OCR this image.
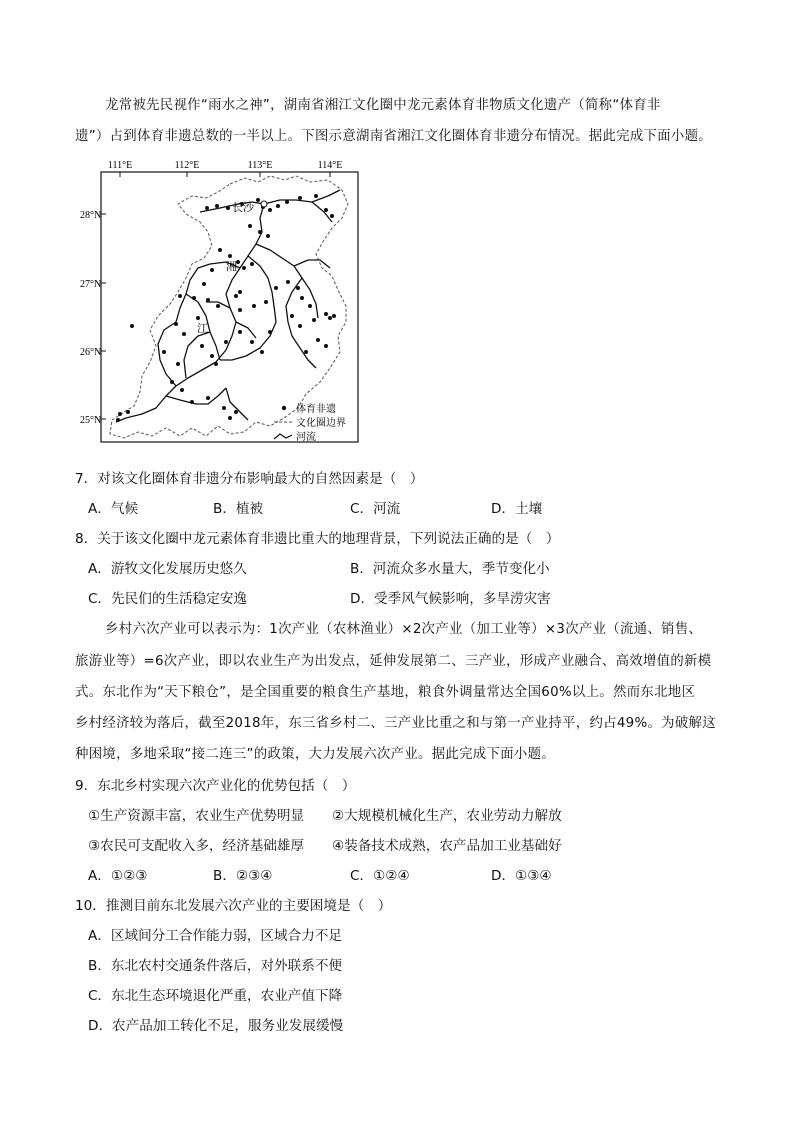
龙常被先民视作“雨水之神”，湖南省湘江文化圈中龙元素体育非物质文化遗产（简称“体育非
遗”）占到体育非遗总数的一半以上。下图示意湖南省湘江文化圈体育非遗分布情况。据此完成下面小题。
111°E	112°E	113°E	114°E
28°N
27°N
26°N
25°N
长沙
湘
江
体育非遗
文化圈边界
河流
7．对该文化圈体育非遗分布影响最大的自然因素是（　）
A．气候	B．植被	C．河流	D．土壤
8．关于该文化圈中龙元素体育非遗比重大的地理背景，下列说法正确的是（　）
A．游牧文化发展历史悠久	B．河流众多水量大，季节变化小
C．先民们的生活稳定安逸	D．受季风气候影响，多旱涝灾害
乡村六次产业可以表示为：1次产业（农林渔业）×2次产业（加工业等）×3次产业（流通、销售、
旅游业等）=6次产业，即以农业生产为出发点，延伸发展第二、三产业，形成产业融合、高效增值的新模
式。东北作为“天下粮仓”，是全国重要的粮食生产基地，粮食外调量常达全国60%以上。然而东北地区
乡村经济较为落后，截至2018年，东三省乡村二、三产业比重之和与第一产业持平，约占49%。为破解这
种困境，多地采取“接二连三”的政策，大力发展六次产业。据此完成下面小题。
9．东北乡村实现六次产业化的优势包括（　）
①生产资源丰富，农业生产优势明显 ②大规模机械化生产，农业劳动力解放
③农民可支配收入多，经济基础雄厚 ④装备技术成熟，农产品加工业基础好
A．①②③	B．②③④	C．①②④	D．①③④
10．推测目前东北发展六次产业的主要困境是（　）
A．区域间分工合作能力弱，区域合力不足
B．东北农村交通条件落后，对外联系不便
C．东北生态环境退化严重，农业产值下降
D．农产品加工转化不足，服务业发展缓慢
